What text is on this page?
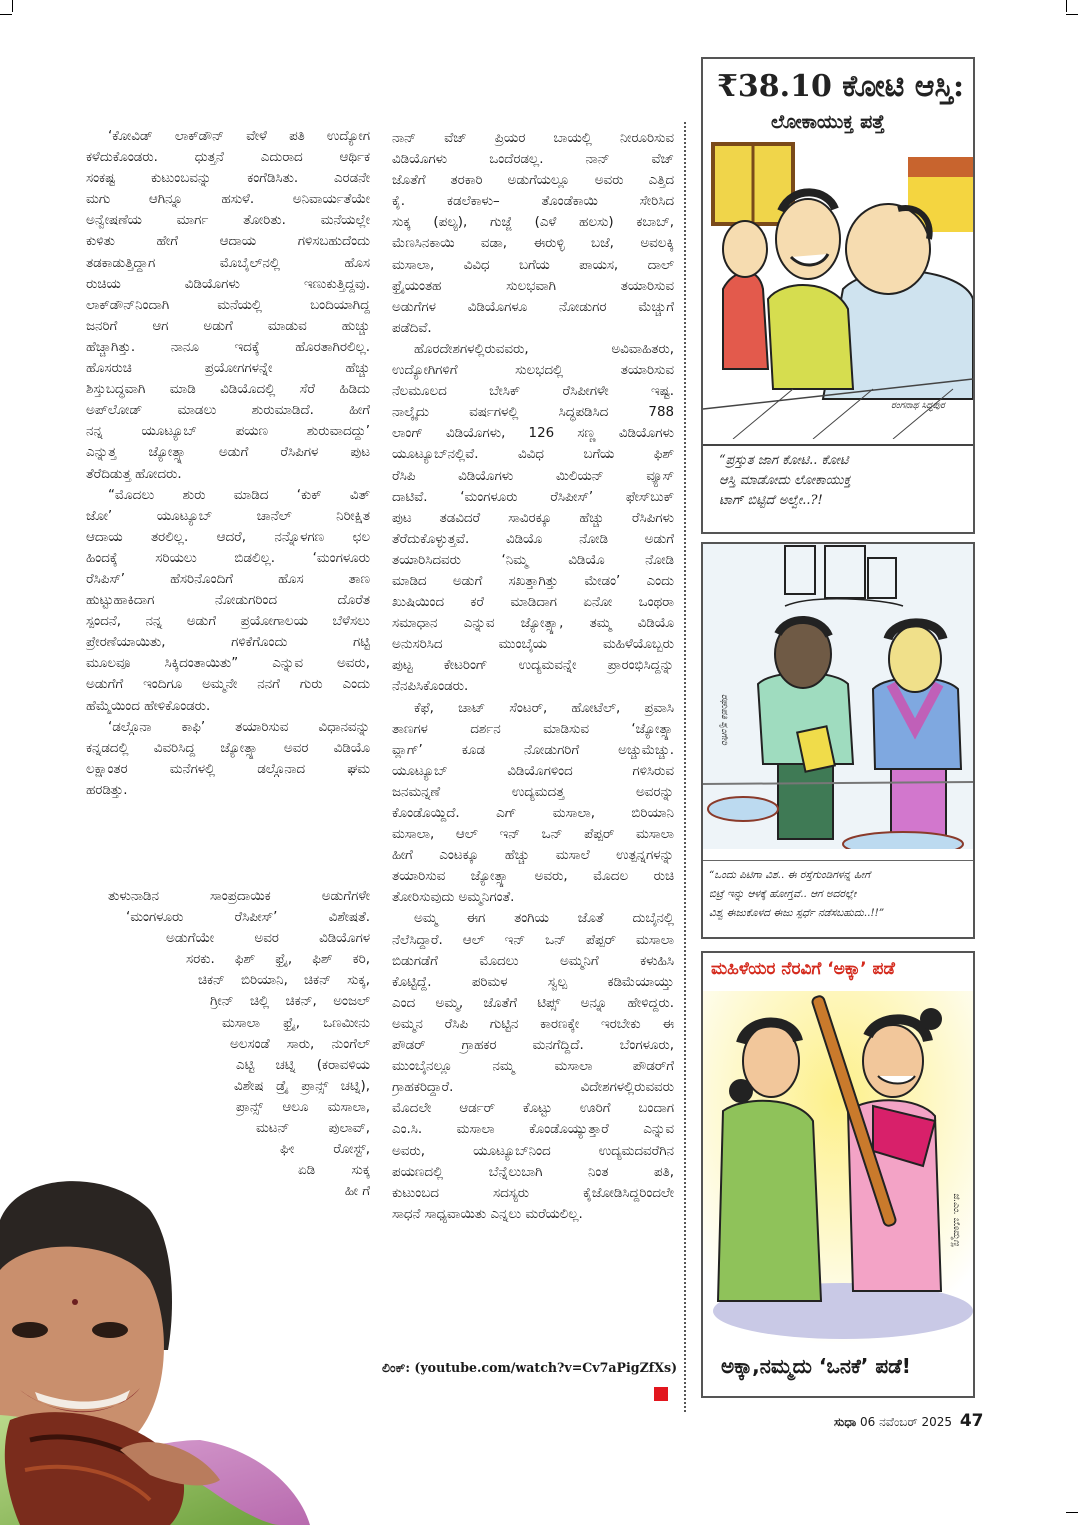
‘ಕೋವಿಡ್ ಲಾಕ್‌ಡೌನ್ ವೇಳೆ ಪತಿ ಉದ್ಯೋಗ
ಕಳೆದುಕೊಂಡರು. ಧುತ್ತನೆ ಎದುರಾದ ಆರ್ಥಿಕ
ಸಂಕಷ್ಟ ಕುಟುಂಬವನ್ನು ಕಂಗೆಡಿಸಿತು. ಎರಡನೇ
ಮಗು ಆಗಿನ್ನೂ ಹಸುಳೆ. ಅನಿವಾರ್ಯತೆಯೇ
ಅನ್ವೇಷಣೆಯ ಮಾರ್ಗ ತೋರಿತು. ಮನೆಯಲ್ಲೇ
ಕುಳಿತು ಹೇಗೆ ಆದಾಯ ಗಳಿಸಬಹುದೆಂದು
ತಡಕಾಡುತ್ತಿದ್ದಾಗ ಮೊಬೈಲ್‌ನಲ್ಲಿ ಹೊಸ
ರುಚಿಯ ವಿಡಿಯೊಗಳು ಇಣುಕುತ್ತಿದ್ದವು.
ಲಾಕ್‌ಡೌನ್‌ನಿಂದಾಗಿ ಮನೆಯಲ್ಲಿ ಬಂದಿಯಾಗಿದ್ದ
ಜನರಿಗೆ ಆಗ ಅಡುಗೆ ಮಾಡುವ ಹುಚ್ಚು
ಹೆಚ್ಚಾಗಿತ್ತು. ನಾನೂ ಇದಕ್ಕೆ ಹೊರತಾಗಿರಲಿಲ್ಲ.
ಹೊಸರುಚಿ ಪ್ರಯೋಗಗಳನ್ನೇ ಹೆಚ್ಚು
ಶಿಸ್ತುಬದ್ಧವಾಗಿ ಮಾಡಿ ವಿಡಿಯೊದಲ್ಲಿ ಸೆರೆ ಹಿಡಿದು
ಅಪ್‌ಲೋಡ್ ಮಾಡಲು ಶುರುಮಾಡಿದೆ. ಹೀಗೆ
ನನ್ನ ಯೂಟ್ಯೂಬ್ ಪಯಣ ಶುರುವಾದದ್ದು’
ಎನ್ನುತ್ತ ಜ್ಯೋತ್ಸ್ನಾ ಅಡುಗೆ ರೆಸಿಪಿಗಳ ಪುಟ
ತೆರೆದಿಡುತ್ತ ಹೋದರು.
“ಮೊದಲು ಶುರು ಮಾಡಿದ ‘ಕುಕ್ ವಿತ್
ಜೋ’ ಯೂಟ್ಯೂಬ್ ಚಾನೆಲ್ ನಿರೀಕ್ಷಿತ
ಆದಾಯ ತರಲಿಲ್ಲ. ಆದರೆ, ನನ್ನೊಳಗಣ ಛಲ
ಹಿಂದಕ್ಕೆ ಸರಿಯಲು ಬಿಡಲಿಲ್ಲ. ‘ಮಂಗಳೂರು
ರೆಸಿಪಿಸ್’ ಹೆಸರಿನೊಂದಿಗೆ ಹೊಸ ತಾಣ
ಹುಟ್ಟುಹಾಕಿದಾಗ ನೋಡುಗರಿಂದ ದೊರೆತ
ಸ್ಪಂದನೆ, ನನ್ನ ಅಡುಗೆ ಪ್ರಯೋಗಾಲಯ ಬೆಳೆಸಲು
ಪ್ರೇರಣೆಯಾಯಿತು, ಗಳಿಕೆಗೊಂದು ಗಟ್ಟಿ
ಮೂಲವೂ ಸಿಕ್ಕಿದಂತಾಯಿತು” ಎನ್ನುವ ಅವರು,
ಅಡುಗೆಗೆ ಇಂದಿಗೂ ಅಮ್ಮನೇ ನನಗೆ ಗುರು ಎಂದು
ಹೆಮ್ಮೆಯಿಂದ ಹೇಳಿಕೊಂಡರು.
‘ಡಲ್ಗೊನಾ ಕಾಫಿ’ ತಯಾರಿಸುವ ವಿಧಾನವನ್ನು
ಕನ್ನಡದಲ್ಲಿ ವಿವರಿಸಿದ್ದ ಜ್ಯೋತ್ಸ್ನಾ ಅವರ ವಿಡಿಯೊ
ಲಕ್ಷಾಂತರ ಮನೆಗಳಲ್ಲಿ ಡಲ್ಗೊನಾದ ಘಮ
ಹರಡಿತ್ತು.
ತುಳುನಾಡಿನ ಸಾಂಪ್ರದಾಯಿಕ ಅಡುಗೆಗಳೇ
‘ಮಂಗಳೂರು ರೆಸಿಪೀಸ್’ ವಿಶೇಷತೆ.
ಅಡುಗೆಯೇ ಅವರ ವಿಡಿಯೊಗಳ
ಸರಕು. ಫಿಶ್ ಫ್ರೈ, ಫಿಶ್ ಕರಿ,
ಚಿಕನ್ ಬಿರಿಯಾನಿ, ಚಿಕನ್ ಸುಕ್ಕ,
ಗ್ರೀನ್ ಚಿಲ್ಲಿ ಚಿಕನ್, ಅಂಜಲ್
ಮಸಾಲಾ ಫ್ರೈ, ಒಣಮೀನು
ಅಲಸಂಡೆ ಸಾರು, ನುಂಗೆಲ್
ಎಟ್ಟಿ ಚಟ್ನಿ (ಕರಾವಳಿಯ
ವಿಶೇಷ ಡ್ರೈ ಪ್ರಾನ್ಸ್ ಚಟ್ನಿ),
ಪ್ರಾನ್ಸ್ ಆಲೂ ಮಸಾಲಾ,
ಮಟನ್ ಪುಲಾವ್,
ಘೀ ರೋಸ್ಟ್,
ಏಡಿ ಸುಕ್ಕ
ಹೀ ಗೆ
ನಾನ್ ವೆಜ್ ಪ್ರಿಯರ ಬಾಯಲ್ಲಿ ನೀರೂರಿಸುವ
ವಿಡಿಯೊಗಳು ಒಂದೆರಡಲ್ಲ. ನಾನ್ ವೆಜ್
ಜೊತೆಗೆ ತರಕಾರಿ ಅಡುಗೆಯಲ್ಲೂ ಅವರು ಎತ್ತಿದ
ಕೈ. ಕಡಲೆಕಾಳು– ತೊಂಡೆಕಾಯಿ ಸೇರಿಸಿದ
ಸುಕ್ಕ (ಪಲ್ಯ), ಗುಜ್ಜೆ (ಎಳೆ ಹಲಸು) ಕಬಾಬ್,
ಮೆಣಸಿನಕಾಯಿ ವಡಾ, ಈರುಳ್ಳಿ ಬಜೆ, ಅವಲಕ್ಕಿ
ಮಸಾಲಾ, ವಿವಿಧ ಬಗೆಯ ಪಾಯಸ, ದಾಲ್
ಫ್ರೈಯಂತಹ ಸುಲಭವಾಗಿ ತಯಾರಿಸುವ
ಅಡುಗೆಗಳ ವಿಡಿಯೊಗಳೂ ನೋಡುಗರ ಮೆಚ್ಚುಗೆ
ಪಡೆದಿವೆ.
ಹೊರದೇಶಗಳಲ್ಲಿರುವವರು, ಅವಿವಾಹಿತರು,
ಉದ್ಯೋಗಿಗಳಿಗೆ ಸುಲಭದಲ್ಲಿ ತಯಾರಿಸುವ
ನೆಲಮೂಲದ ಬೇಸಿಕ್ ರೆಸಿಪೀಗಳೇ ಇಷ್ಟ.
ನಾಲ್ಕೈದು ವರ್ಷಗಳಲ್ಲಿ ಸಿದ್ಧಪಡಿಸಿದ 788
ಲಾಂಗ್ ವಿಡಿಯೊಗಳು, 126 ಸಣ್ಣ ವಿಡಿಯೊಗಳು
ಯೂಟ್ಯೂಬ್‌ನಲ್ಲಿವೆ. ವಿವಿಧ ಬಗೆಯ ಫಿಶ್
ರೆಸಿಪಿ ವಿಡಿಯೊಗಳು ಮಿಲಿಯನ್ ವ್ಯೂಸ್
ದಾಟಿವೆ. ‘ಮಂಗಳೂರು ರೆಸಿಪೀಸ್’ ಫೇಸ್‌ಬುಕ್
ಪುಟ ತಡವಿದರೆ ಸಾವಿರಕ್ಕೂ ಹೆಚ್ಚು ರೆಸಿಪಿಗಳು
ತೆರೆದುಕೊಳ್ಳುತ್ತವೆ. ವಿಡಿಯೊ ನೋಡಿ ಅಡುಗೆ
ತಯಾರಿಸಿದವರು ‘ನಿಮ್ಮ ವಿಡಿಯೊ ನೋಡಿ
ಮಾಡಿದ ಅಡುಗೆ ಸಖತ್ತಾಗಿತ್ತು ಮೇಡಂ’ ಎಂದು
ಖುಷಿಯಿಂದ ಕರೆ ಮಾಡಿದಾಗ ಏನೋ ಒಂಥರಾ
ಸಮಾಧಾನ ಎನ್ನುವ ಜ್ಯೋತ್ಸ್ನಾ, ತಮ್ಮ ವಿಡಿಯೊ
ಅನುಸರಿಸಿದ ಮುಂಬೈಯ ಮಹಿಳೆಯೊಬ್ಬರು
ಪುಟ್ಟ ಕೇಟರಿಂಗ್ ಉದ್ಯಮವನ್ನೇ ಪ್ರಾರಂಭಿಸಿದ್ದನ್ನು
ನೆನಪಿಸಿಕೊಂಡರು.
ಕೆಫೆ, ಚಾಟ್ ಸೆಂಟರ್, ಹೋಟೆಲ್, ಪ್ರವಾಸಿ
ತಾಣಗಳ ದರ್ಶನ ಮಾಡಿಸುವ ‘ಜ್ಯೋತ್ಸ್ನಾ
ವ್ಲಾಗ್’ ಕೂಡ ನೋಡುಗರಿಗೆ ಅಚ್ಚುಮೆಚ್ಚು.
ಯೂಟ್ಯೂಬ್ ವಿಡಿಯೊಗಳಿಂದ ಗಳಿಸಿರುವ
ಜನಮನ್ನಣೆ ಉದ್ಯಮದತ್ತ ಅವರನ್ನು
ಕೊಂಡೊಯ್ದಿದೆ. ಎಗ್ ಮಸಾಲಾ, ಬಿರಿಯಾನಿ
ಮಸಾಲಾ, ಆಲ್ ಇನ್ ಒನ್ ಪೆಪ್ಪರ್ ಮಸಾಲಾ
ಹೀಗೆ ಎಂಟಕ್ಕೂ ಹೆಚ್ಚು ಮಸಾಲೆ ಉತ್ಪನ್ನಗಳನ್ನು
ತಯಾರಿಸುವ ಜ್ಯೋತ್ಸ್ನಾ ಅವರು, ಮೊದಲ ರುಚಿ
ತೋರಿಸುವುದು ಅಮ್ಮನಿಗಂತೆ.
ಅಮ್ಮ ಈಗ ತಂಗಿಯ ಜೊತೆ ದುಬೈನಲ್ಲಿ
ನೆಲೆಸಿದ್ದಾರೆ. ಆಲ್ ಇನ್ ಒನ್ ಪೆಪ್ಪರ್ ಮಸಾಲಾ
ಬಿಡುಗಡೆಗೆ ಮೊದಲು ಅಮ್ಮನಿಗೆ ಕಳುಹಿಸಿ
ಕೊಟ್ಟಿದ್ದೆ. ಪರಿಮಳ ಸ್ವಲ್ಪ ಕಡಿಮೆಯಾಯ್ತು
ಎಂದ ಅಮ್ಮ, ಜೊತೆಗೆ ಟಿಪ್ಸ್ ಅನ್ನೂ ಹೇಳಿದ್ದರು.
ಅಮ್ಮನ ರೆಸಿಪಿ ಗುಟ್ಟಿನ ಕಾರಣಕ್ಕೇ ಇರಬೇಕು ಈ
ಪೌಡರ್ ಗ್ರಾಹಕರ ಮನಗೆದ್ದಿದೆ. ಬೆಂಗಳೂರು,
ಮುಂಬೈನಲ್ಲೂ ನಮ್ಮ ಮಸಾಲಾ ಪೌಡರ್‌ಗೆ
ಗ್ರಾಹಕರಿದ್ದಾರೆ. ವಿದೇಶಗಳಲ್ಲಿರುವವರು
ಮೊದಲೇ ಆರ್ಡರ್ ಕೊಟ್ಟು ಊರಿಗೆ ಬಂದಾಗ
ಎಂ.ಸಿ. ಮಸಾಲಾ ಕೊಂಡೊಯ್ಯುತ್ತಾರೆ ಎನ್ನುವ
ಅವರು, ಯೂಟ್ಯೂಬ್‌ನಿಂದ ಉದ್ಯಮದವರೆಗಿನ
ಪಯಣದಲ್ಲಿ ಬೆನ್ನೆಲುಬಾಗಿ ನಿಂತ ಪತಿ,
ಕುಟುಂಬದ ಸದಸ್ಯರು ಕೈಜೋಡಿಸಿದ್ದರಿಂದಲೇ
ಸಾಧನೆ ಸಾಧ್ಯವಾಯಿತು ಎನ್ನಲು ಮರೆಯಲಿಲ್ಲ.
ಲಿಂಕ್: (youtube.com/watch?v=Cv7aPigZfXs)
₹38.10 ಕೋಟಿ ಆಸ್ತಿ:
ಲೋಕಾಯುಕ್ತ ಪತ್ತೆ
ರಂಗನಾಥ ಸಿದ್ಧಪುರ
“ಪ್ರಸ್ತುತ ಜಾಗ ಕೋಟಿ.. ಕೋಟಿ
ಆಸ್ತಿ ಮಾಡೋದು ಲೋಕಾಯುಕ್ತ
ಟಾಗ್ ಬಿಟ್ಟಿದೆ ಅಲ್ವೇ..?!
ರಘುಪತಿ ಶೃಂಗೇರಿ
“ಒಂದು ಪಿಟಿಗಾ ವಿಶ.. ಈ ರಸ್ತೆಗುಂಡಿಗಳನ್ನ ಹೀಗೆ
ಬಿಟ್ರೆ ಇನ್ನು ಆಳಕ್ಕೆ ಹೋಗ್ತವೆ.. ಆಗ ಅದರಲ್ಲೇ
ವಿಶ್ವ ಈಜುಕೊಳದ ಈಜು ಸ್ಪರ್ಧೆ ನಡೆಸಬಹುದು..!!”
ಮಹಿಳೆಯರ ನೆರವಿಗೆ ‘ಅಕ್ಕಾ’ ಪಡೆ
ಜಿ.ಎಂ. ಬೊಮ್ಮಣ್ಣ
ಅಕ್ಕಾ,ನಮ್ಮದು ‘ಒನಕೆ’ ಪಡೆ!
ಸುಧಾ 06 ನವೆಂಬರ್ 2025 47
